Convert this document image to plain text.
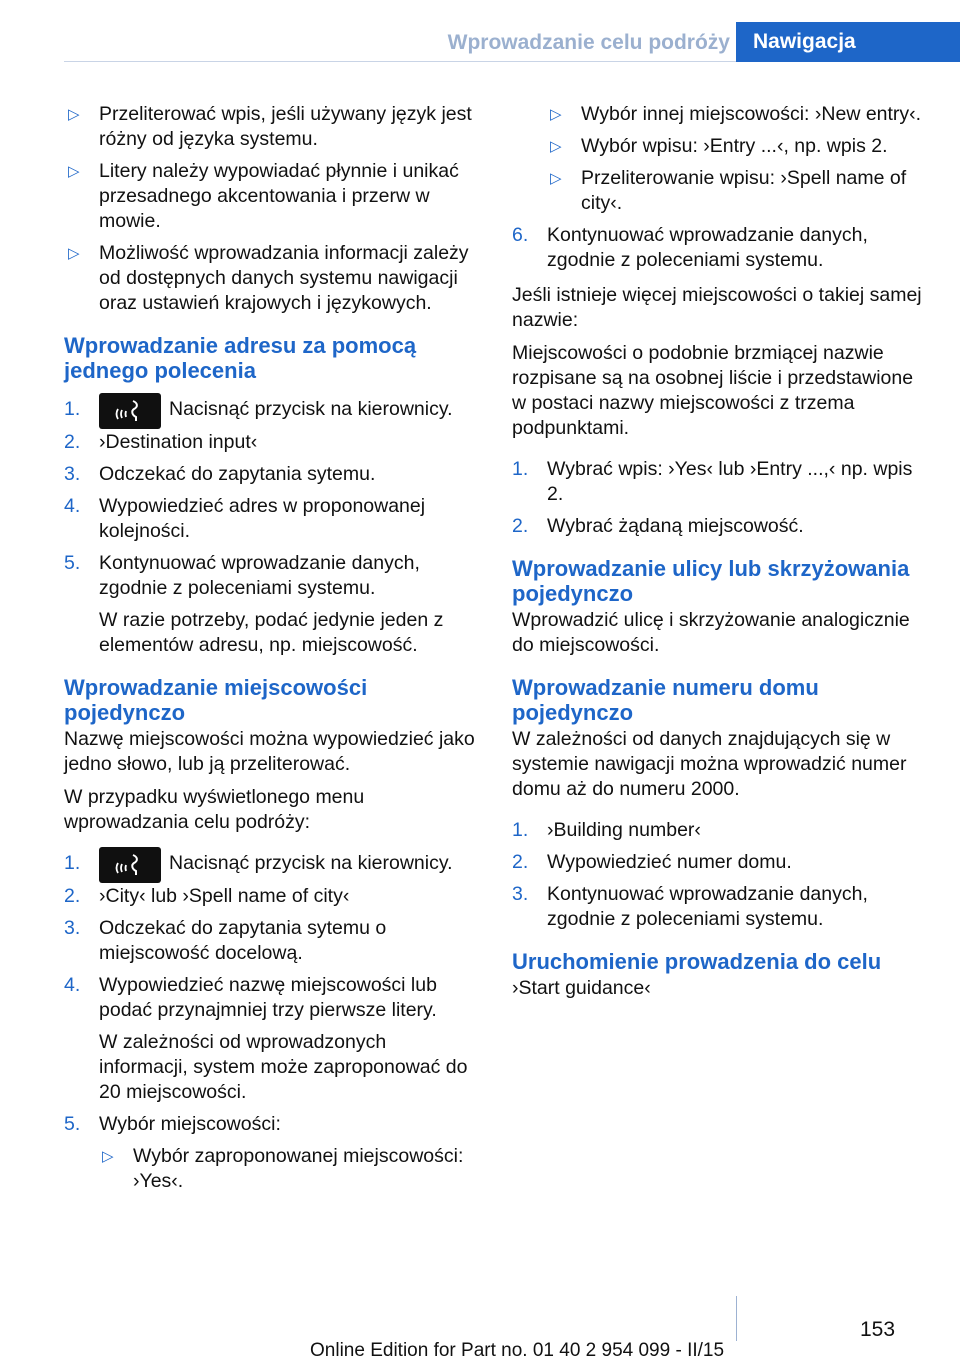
Wprowadzanie celu podróży	Nawigacja
▷ Przeliterować wpis, jeśli używany język jest różny od języka systemu.
▷ Litery należy wypowiadać płynnie i unikać przesadnego akcentowania i przerw w mowie.
▷ Możliwość wprowadzania informacji zależy od dostępnych danych systemu nawigacji oraz ustawień krajowych i językowych.
Wprowadzanie adresu za pomocą jednego polecenia
1.	Nacisnąć przycisk na kierownicy.
2. ›Destination input‹
3. Odczekać do zapytania sytemu.
4. Wypowiedzieć adres w proponowanej kolejności.
5. Kontynuować wprowadzanie danych, zgodnie z poleceniami systemu.

W razie potrzeby, podać jedynie jeden z elementów adresu, np. miejscowość.

Wprowadzanie miejscowości pojedynczo

Nazwę miejscowości można wypowiedzieć jako jedno słowo, lub ją przeliterować.

W przypadku wyświetlonego menu wprowadzania celu podróży:

1.	Nacisnąć przycisk na kierownicy.
2. ›City‹ lub ›Spell name of city‹
3. Odczekać do zapytania sytemu o miejscowość docelową.
4. Wypowiedzieć nazwę miejscowości lub podać przynajmniej trzy pierwsze litery.

W zależności od wprowadzonych informacji, system może zaproponować do 20 miejscowości.

5. Wybór miejscowości:
▷ Wybór zaproponowanej miejscowości: ›Yes‹.
▷ Wybór innej miejscowości: ›New entry‹.
▷ Wybór wpisu: ›Entry ...‹, np. wpis 2.
▷ Przeliterowanie wpisu: ›Spell name of city‹.
6. Kontynuować wprowadzanie danych, zgodnie z poleceniami systemu.

Jeśli istnieje więcej miejscowości o takiej samej nazwie:

Miejscowości o podobnie brzmiącej nazwie rozpisane są na osobnej liście i przedstawione w postaci nazwy miejscowości z trzema podpunktami.

1. Wybrać wpis: ›Yes‹ lub ›Entry ...,‹ np. wpis 2.
2. Wybrać żądaną miejscowość.
Wprowadzanie ulicy lub skrzyżowania pojedynczo

Wprowadzić ulicę i skrzyżowanie analogicznie do miejscowości.

Wprowadzanie numeru domu pojedynczo

W zależności od danych znajdujących się w systemie nawigacji można wprowadzić numer domu aż do numeru 2000.

1. ›Building number‹
2. Wypowiedzieć numer domu.
3. Kontynuować wprowadzanie danych, zgodnie z poleceniami systemu.
Uruchomienie prowadzenia do celu

›Start guidance‹

153
Online Edition for Part no. 01 40 2 954 099 - II/15
